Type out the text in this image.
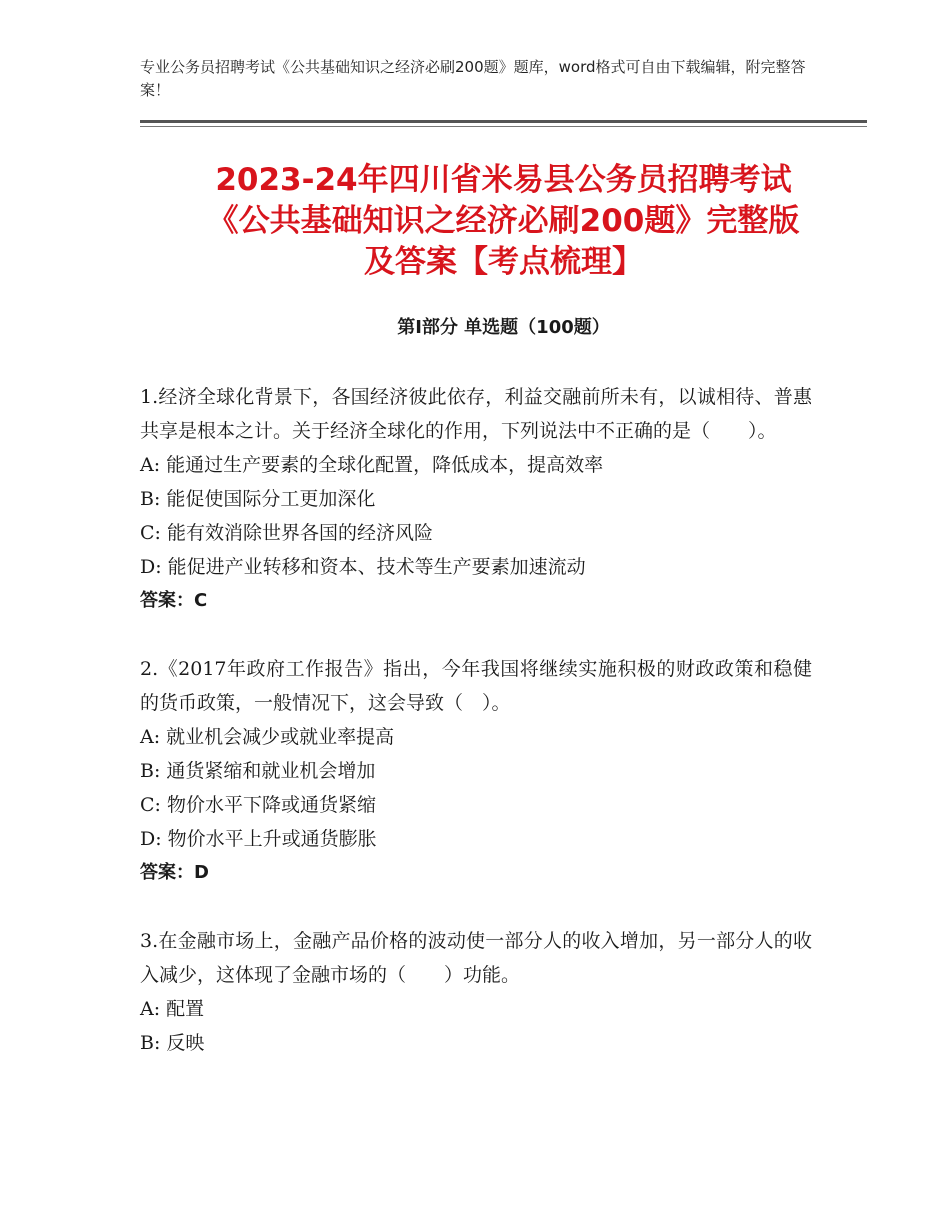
专业公务员招聘考试《公共基础知识之经济必刷200题》题库，word格式可自由下载编辑，附完整答案！
2023-24年四川省米易县公务员招聘考试
《公共基础知识之经济必刷200题》完整版
及答案【考点梳理】
第Ⅰ部分 单选题（100题）
1.经济全球化背景下，各国经济彼此依存，利益交融前所未有，以诚相待、普惠共享是根本之计。关于经济全球化的作用，下列说法中不正确的是（　　）。
A: 能通过生产要素的全球化配置，降低成本，提高效率
B: 能促使国际分工更加深化
C: 能有效消除世界各国的经济风险
D: 能促进产业转移和资本、技术等生产要素加速流动
答案：C
2.《2017年政府工作报告》指出，今年我国将继续实施积极的财政政策和稳健的货币政策，一般情况下，这会导致（　）。
A: 就业机会减少或就业率提高
B: 通货紧缩和就业机会增加
C: 物价水平下降或通货紧缩
D: 物价水平上升或通货膨胀
答案：D
3.在金融市场上，金融产品价格的波动使一部分人的收入增加，另一部分人的收入减少，这体现了金融市场的（　　）功能。
A: 配置
B: 反映
